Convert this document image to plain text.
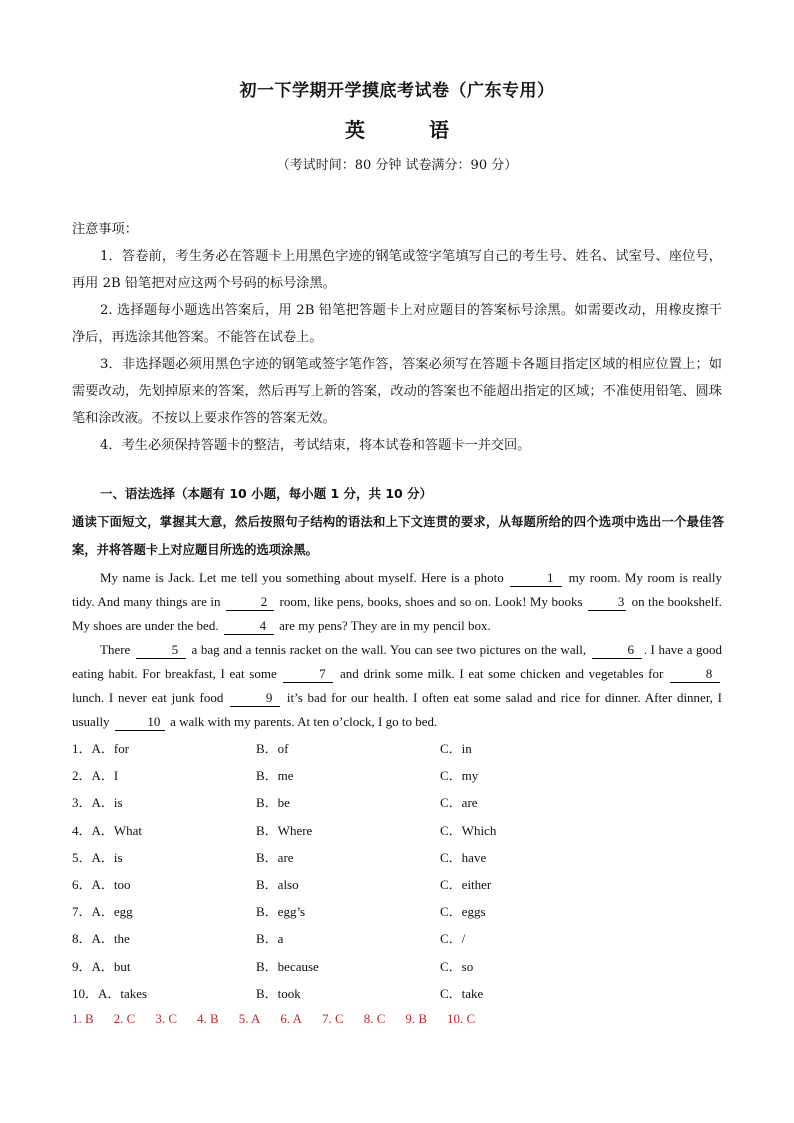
初一下学期开学摸底考试卷（广东专用）
英	语
（考试时间：80 分钟 试卷满分：90 分）

注意事项：

1．答卷前，考生务必在答题卡上用黑色字迹的钢笔或签字笔填写自己的考生号、姓名、试室号、座位号，再用 2B 铅笔把对应这两个号码的标号涂黑。

2. 选择题每小题选出答案后，用 2B 铅笔把答题卡上对应题目的答案标号涂黑。如需要改动，用橡皮擦干净后，再选涂其他答案。不能答在试卷上。

3．非选择题必须用黑色字迹的钢笔或签字笔作答，答案必须写在答题卡各题目指定区域的相应位置上；如需要改动，先划掉原来的答案，然后再写上新的答案，改动的答案也不能超出指定的区域；不准使用铅笔、圆珠笔和涂改液。不按以上要求作答的答案无效。

4．考生必须保持答题卡的整洁，考试结束，将本试卷和答题卡一并交回。

一、语法选择（本题有 10 小题，每小题 1 分，共 10 分）
通读下面短文，掌握其大意，然后按照句子结构的语法和上下文连贯的要求，从每题所给的四个选项中选出一个最佳答案，并将答题卡上对应题目所选的选项涂黑。

My name is Jack. Let me tell you something about myself. Here is a photo	1 my room. My room is really tidy. And many things are in	2 room, like pens, books, shoes and so on. Look! My books 3 on the bookshelf. My shoes are under the bed.	4 are my pens? They are in my pencil box.

There	5 a bag and a tennis racket on the wall. You can see two pictures on the wall,	6 . I have a good eating habit. For breakfast, I eat some	7 and drink some milk. I eat some chicken and vegetables for	8 lunch. I never eat junk food	9 it’s bad for our health. I often eat some salad and rice for dinner. After dinner, I usually	10 a walk with my parents. At ten o’clock, I go to bed.

1．A．for	B．of	C．in
2．A．I	B．me	C．my
3．A．is	B．be	C．are
4．A．What	B．Where	C．Which
5．A．is	B．are	C．have
6．A．too	B．also	C．either
7．A．egg	B．egg’s	C．eggs
8．A．the	B．a	C．/
9．A．but	B．because	C．so
10．A．takes	B．took	C．take
1. B 2. C 3. C 4. B 5. A 6. A 7. C 8. C 9. B 10. C
